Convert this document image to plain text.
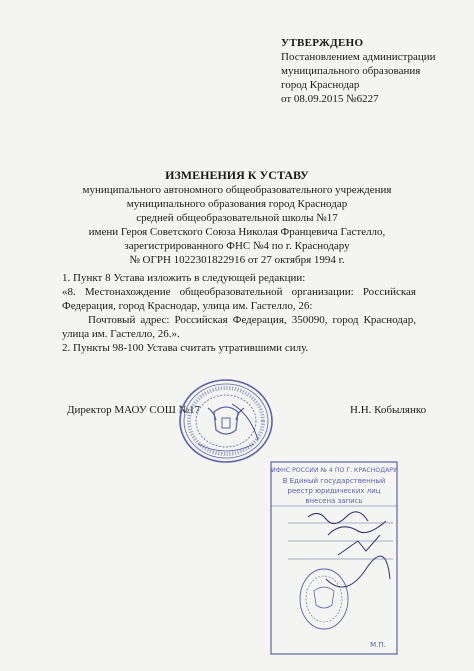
УТВЕРЖДЕНО
Постановлением администрации
муниципального образования
город Краснодар
от 08.09.2015 №6227
ИЗМЕНЕНИЯ К УСТАВУ
муниципального автономного общеобразовательного учреждения
муниципального образования город Краснодар
средней общеобразовательной школы №17
имени Героя Советского Союза Николая Францевича Гастелло,
зарегистрированного ФНС №4 по г. Краснодару
№ ОГРН 1022301822916 от 27 октября 1994 г.

1. Пункт 8 Устава изложить в следующей редакции:

«8. Местонахождение общеобразовательной организации: Российская Федерация, город Краснодар, улица им. Гастелло, 26:

Почтовый адрес: Российская Федерация, 350090, город Краснодар, улица им. Гастелло, 26.».

2. Пункты 98-100 Устава считать утратившими силу.

Директор МАОУ СОШ №17	Н.Н. Кобылянко
ИФНС РОССИИ № 4 ПО Г. КРАСНОДАРУ
В Единый государственный
реестр юридических лиц
внесена запись
М.П.
